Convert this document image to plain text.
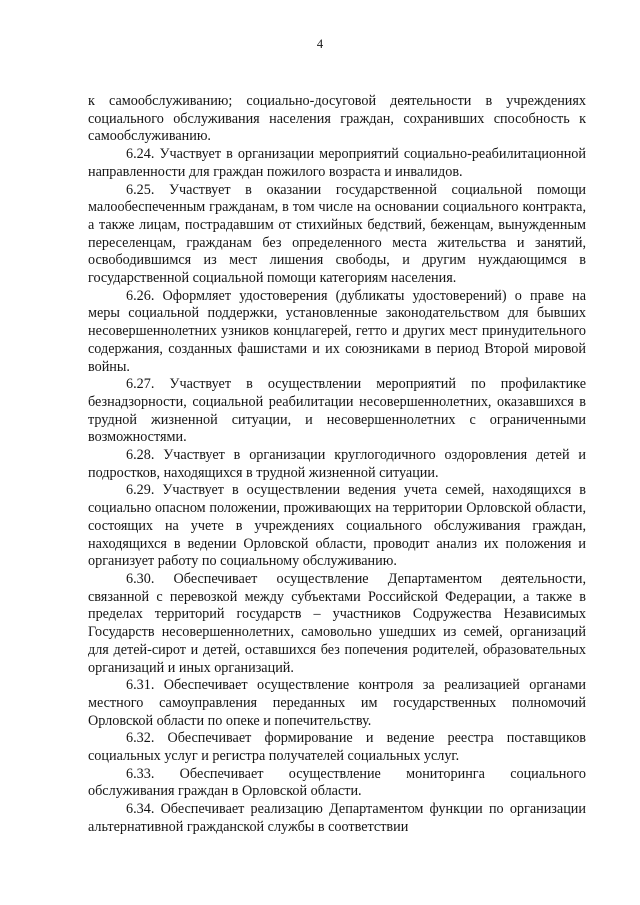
4

к самообслуживанию; социально-досуговой деятельности в учреждениях социального обслуживания населения граждан, сохранивших способность к самообслуживанию.

6.24. Участвует в организации мероприятий социально-реабилитационной направленности для граждан пожилого возраста и инвалидов.

6.25. Участвует в оказании государственной социальной помощи малообеспеченным гражданам, в том числе на основании социального контракта, а также лицам, пострадавшим от стихийных бедствий, беженцам, вынужденным переселенцам, гражданам без определенного места жительства и занятий, освободившимся из мест лишения свободы, и другим нуждающимся в государственной социальной помощи категориям населения.

6.26. Оформляет удостоверения (дубликаты удостоверений) о праве на меры социальной поддержки, установленные законодательством для бывших несовершеннолетних узников концлагерей, гетто и других мест принудительного содержания, созданных фашистами и их союзниками в период Второй мировой войны.

6.27. Участвует в осуществлении мероприятий по профилактике безнадзорности, социальной реабилитации несовершеннолетних, оказавшихся в трудной жизненной ситуации, и несовершеннолетних с ограниченными возможностями.

6.28. Участвует в организации круглогодичного оздоровления детей и подростков, находящихся в трудной жизненной ситуации.

6.29. Участвует в осуществлении ведения учета семей, находящихся в социально опасном положении, проживающих на территории Орловской области, состоящих на учете в учреждениях социального обслуживания граждан, находящихся в ведении Орловской области, проводит анализ их положения и организует работу по социальному обслуживанию.

6.30. Обеспечивает осуществление Департаментом деятельности, связанной с перевозкой между субъектами Российской Федерации, а также в пределах территорий государств – участников Содружества Независимых Государств несовершеннолетних, самовольно ушедших из семей, организаций для детей-сирот и детей, оставшихся без попечения родителей, образовательных организаций и иных организаций.

6.31. Обеспечивает осуществление контроля за реализацией органами местного самоуправления переданных им государственных полномочий Орловской области по опеке и попечительству.

6.32. Обеспечивает формирование и ведение реестра поставщиков социальных услуг и регистра получателей социальных услуг.

6.33. Обеспечивает осуществление мониторинга социального обслуживания граждан в Орловской области.

6.34. Обеспечивает реализацию Департаментом функции по организации альтернативной гражданской службы в соответствии
